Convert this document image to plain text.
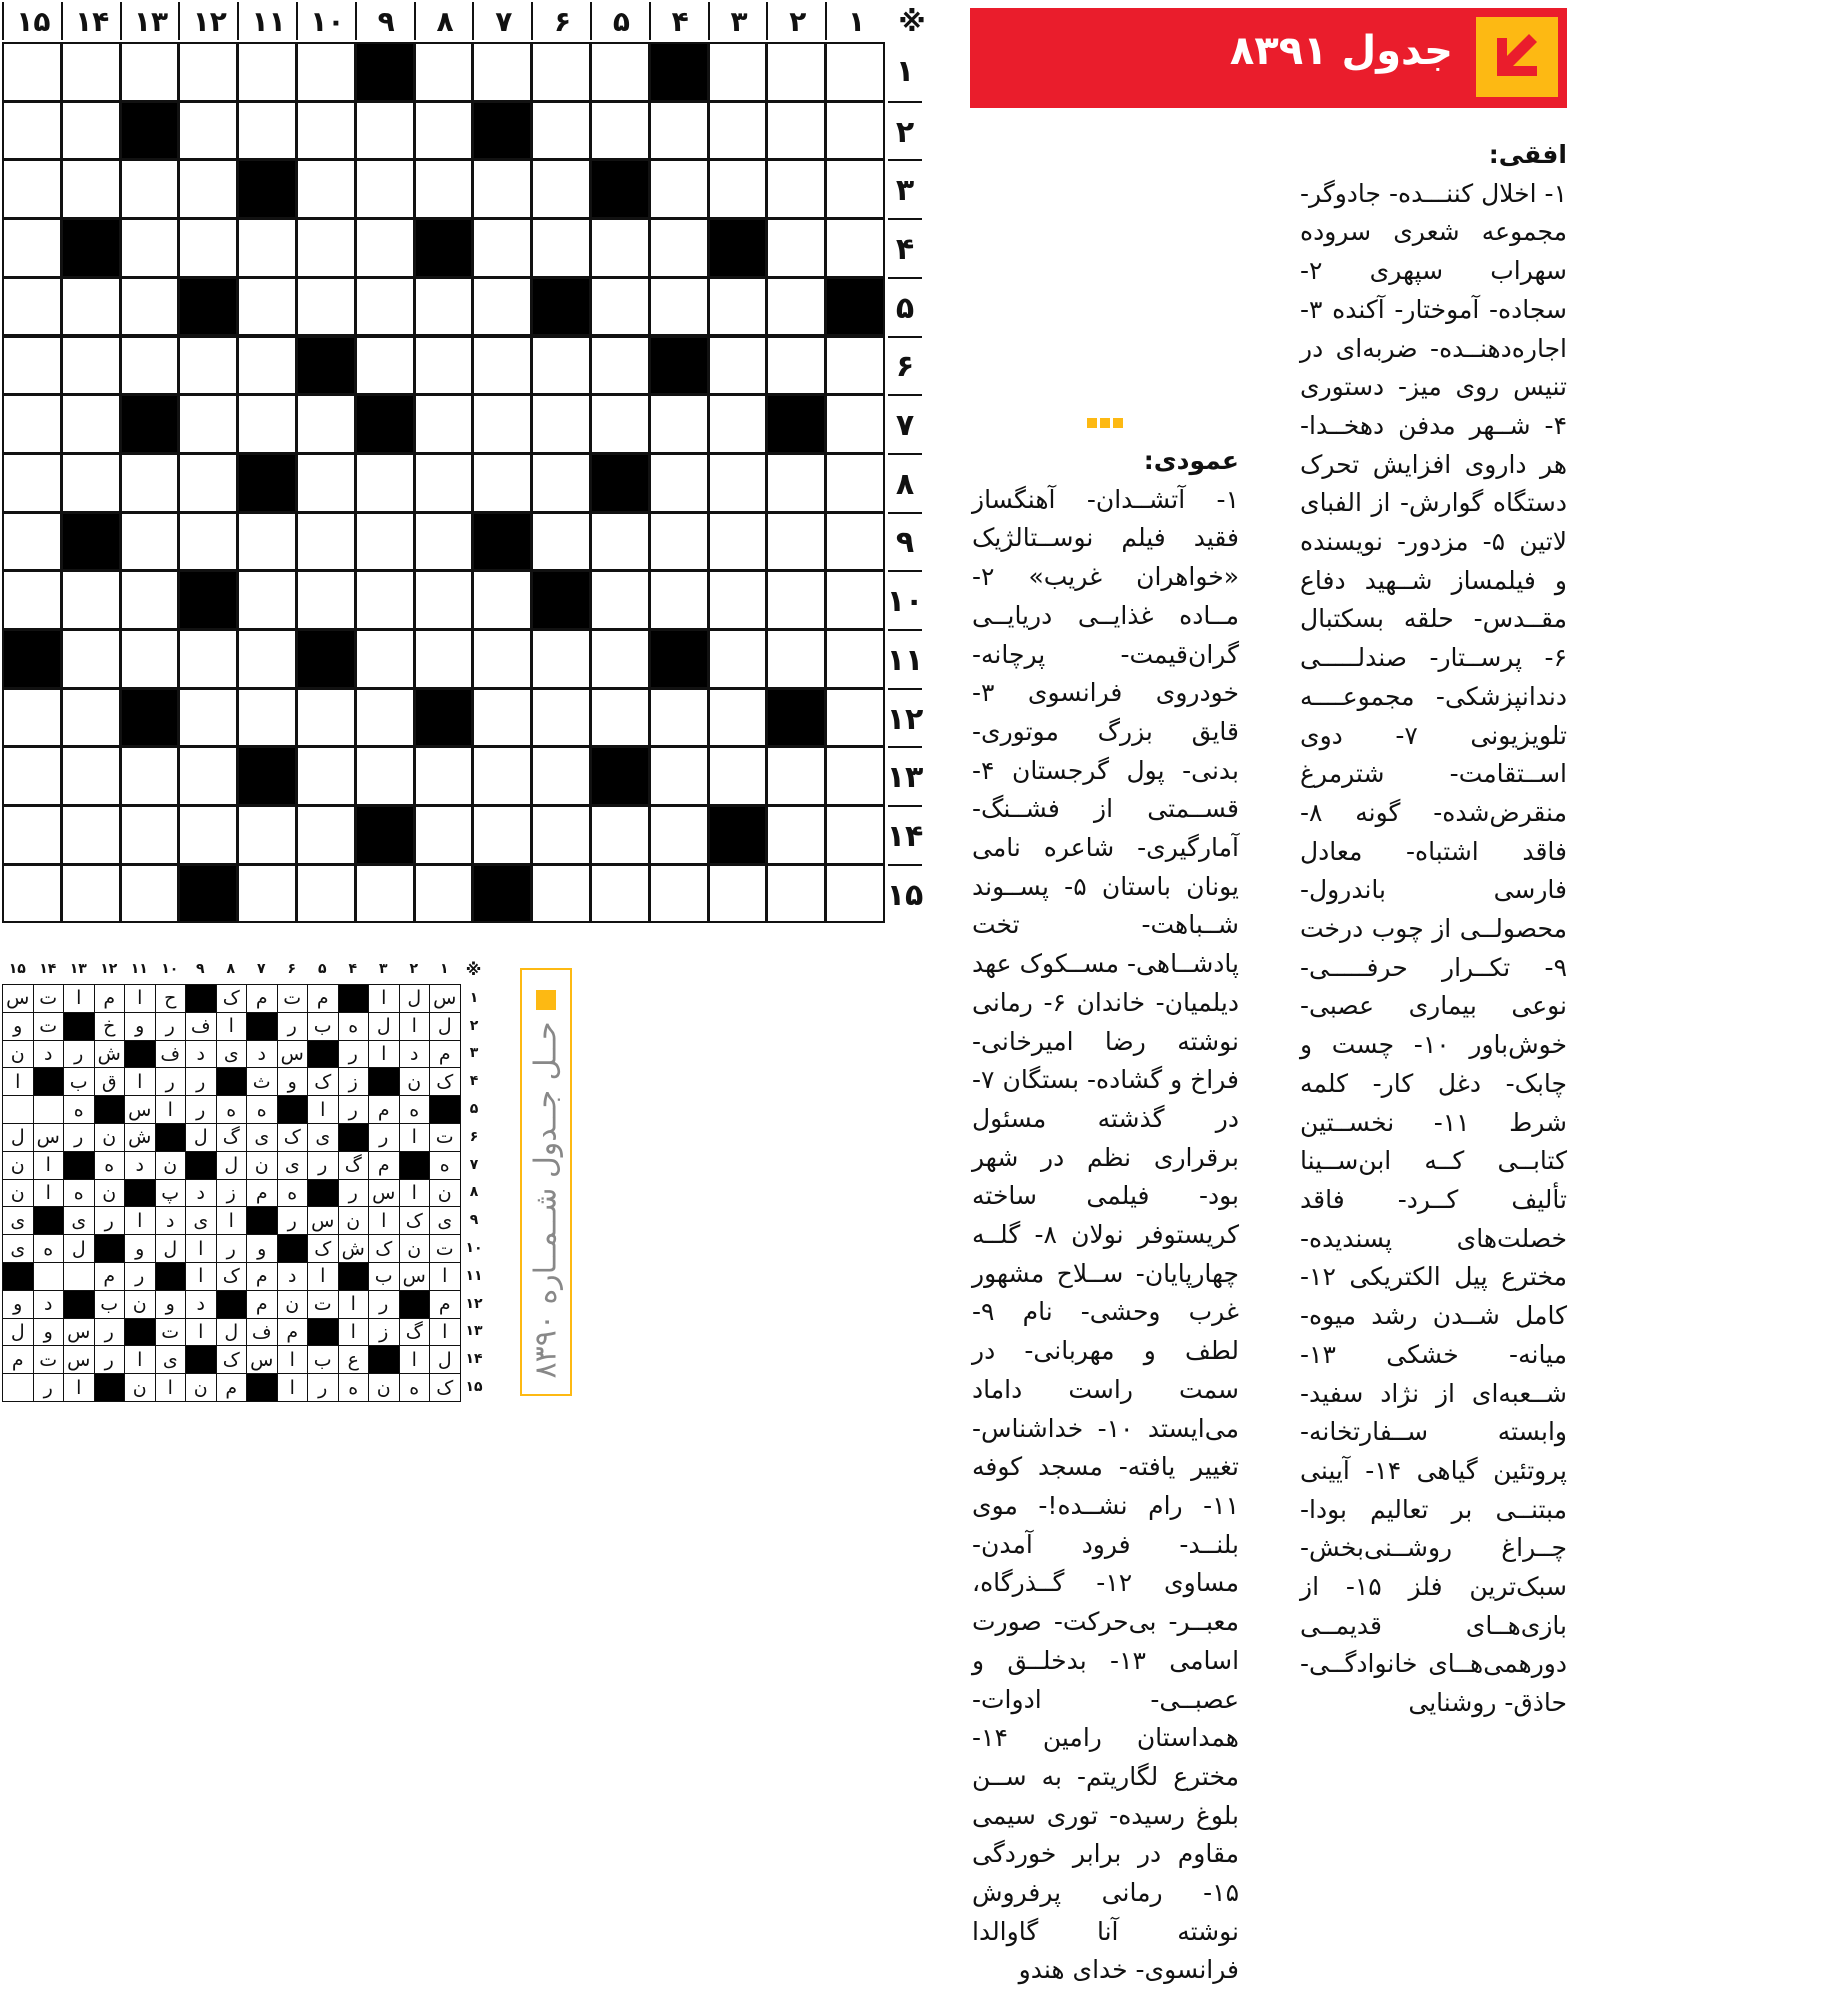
۱
۲
۳
۴
۵
۶
۷
۸
۹
۱۰
۱۱
۱۲
۱۳
۱۴
۱۵	※
۱
۲
۳
۴
۵
۶
۷
۸
۹
۱۰
۱۱
۱۲
۱۳
۱۴
۱۵
جدول ۸۳۹۱

افقی:

۱- اخلال کننـــده- جادوگر- مجموعه شعری سروده سهراب سپهری ۲- سجاده- آموختار- آکنده ۳- اجاره‌دهنــده- ضربه‌ای در تنیس روی میز- دستوری ۴- شــهر مدفن دهخــدا- هر داروی افزایش تحرک دستگاه گوارش- از الفبای لاتین ۵- مزدور- نویسنده و فیلمساز شــهید دفاع مقــدس- حلقه بسکتبال ۶- پرســتار- صندلـــــی دندانپزشکی- مجموعــــه تلویزیونی ۷- دوی اســتقامت- شترمرغ منقرض‌شده- گونه ۸- فاقد اشتباه- معادل فارسی باندرول- محصولــی از چوب درخت ۹- تکــرار حرفـــــی- نوعی بیماری عصبی- خوش‌باور ۱۰- چست و چابک- دغل کار- کلمه شرط ۱۱- نخســتین کتابــی کــه ابن‌ســینا تألیف کــرد- فاقد خصلت‌های پسندیده- مخترع پیل الکتریکی ۱۲- کامل شــدن رشد میوه- میانه- خشکی ۱۳- شــعبه‌ای از نژاد سفید- وابسته ســفارتخانه- پروتئین گیاهی ۱۴- آیینی مبتنــی بر تعالیم بودا- چــراغ روشــنی‌بخش- سبک‌ترین فلز ۱۵- از بازی‌هــای قدیمــی دورهمی‌هــای خانوادگــی- حاذق- روشنایی

عمودی:

۱- آتشــدان- آهنگساز فقید فیلم نوســتالژیک «خواهران غریب» ۲- مــاده غذایــی دریایــی گران‌قیمت- پرچانه- خودروی فرانسوی ۳- قایق بزرگ موتوری- بدنی- پول گرجستان ۴- قســمتی از فشــنگ- آمارگیری- شاعره نامی یونان باستان ۵- پســوند شــباهت- تخت پادشــاهی- مســکوک عهد دیلمیان- خاندان ۶- رمانی نوشته رضا امیرخانی- فراخ و گشاده- بستگان ۷- در گذشته مسئول برقراری نظم در شهر بود- فیلمی ساخته کریستوفر نولان ۸- گلــه چهارپایان- ســلاح مشهور غرب وحشی- نام ۹- لطف و مهربانی- در سمت راست داماد می‌ایستد ۱۰- خداشناس- تغییر یافته- مسجد کوفه ۱۱- رام نشــده!- موی بلنــد- فرود آمدن- مساوی ۱۲- گــذرگاه، معبــر- بی‌حرکت- صورت اسامی ۱۳- بدخلــق و عصبــی- ادوات- همداستان رامین ۱۴- مخترع لگاریتم- به ســن بلوغ رسیده- توری سیمی مقاوم در برابر خوردگی ۱۵- رمانی پرفروش نوشته آنا گاوالدا فرانسوی- خدای هندو

۱
۲
۳
۴
۵
۶
۷
۸
۹
۱۰
۱۱
۱۲
۱۳
۱۴
۱۵	※
س
ل
ا
م
ت
م
ک
ح
ا
م
ا
ت
س
ل
ا
ل
ه
ب
ر
ا
ف
ر
و
خ
ت
و
م
د
ا
ر
س
د
ی
د
ف
ش
ر
د
ن
ک
ن
ز
ک
و
ث
ر
ر
ا
ق
ب
ا
ه
م
ر
ا
ه
ه
ر
ا
س
ه
ت
ا
ر
ی
ک
ی
گ
ل
ش
ن
ر
س
ل
ه
م
گ
ر
ی
ن
ل
ن
د
ه
ا
ن
ن
ا
س
ر
ه
م
ز
د
پ
ن
ه
ا
ن
ی
ک
ا
ن
س
ر
ا
ی
د
ا
ر
ی
ی
ت
ن
ک
ش
ک
و
ر
ا
ل
و
ل
ه
ی
ا
س
ب
ا
د
م
ک
ا
ر
م
م
ر
ا
ت
ن
م
د
و
ن
ب
د
و
ا
گ
ز
ا
م
ف
ل
ا
ت
ر
س
و
ل
ل
ا
ع
ب
ا
س
ک
ی
ا
ر
س
ت
م
ک
ه
ن
ه
ر
ا
م
ن
ا
ن
ا
ر
۱
۲
۳
۴
۵
۶
۷
۸
۹
۱۰
۱۱
۱۲
۱۳
۱۴
۱۵
حــل جــدول شــمــاره ۸۳۹۰
